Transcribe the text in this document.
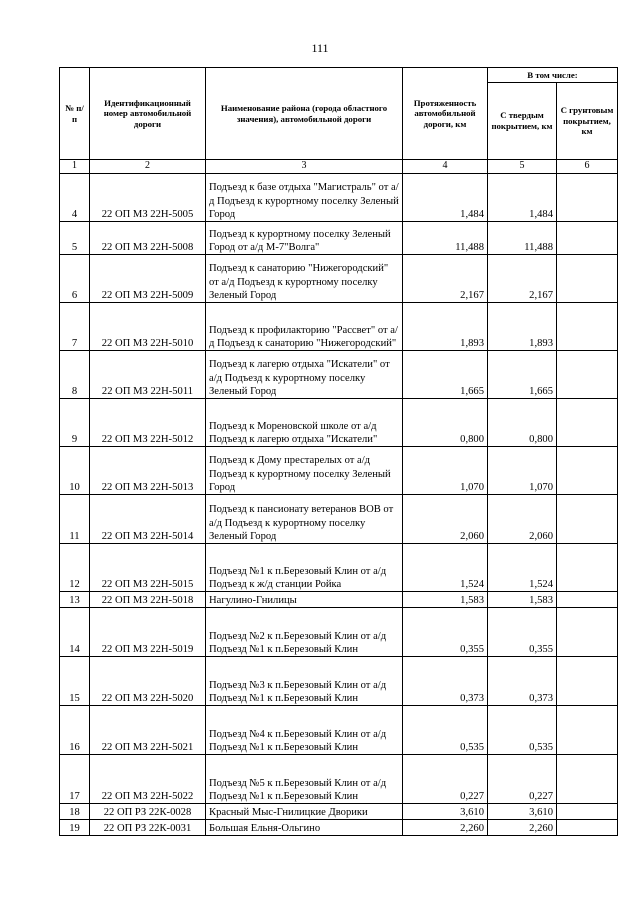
111
№ п/п	Идентификационный номер автомобильной дороги	Наименование района (города областного значения), автомобильной дороги	Протяженность автомобильной дороги, км	В том числе:	
				С твердым покрытием, км	С грунтовым покрытием, км
1	2	3	4	5	6
4	22 ОП МЗ 22Н-5005	Подъезд к базе отдыха "Магистраль" от а/д Подъезд к курортному поселку Зеленый Город	1,484	1,484	
5	22 ОП МЗ 22Н-5008	Подъезд к курортному поселку Зеленый Город от а/д М-7"Волга"	11,488	11,488	
6	22 ОП МЗ 22Н-5009	Подъезд к санаторию "Нижегородский" от а/д Подъезд к курортному поселку Зеленый Город	2,167	2,167	
7	22 ОП МЗ 22Н-5010	Подъезд к профилакторию "Рассвет" от а/д Подъезд к санаторию "Нижегородский"	1,893	1,893	
8	22 ОП МЗ 22Н-5011	Подъезд к лагерю отдыха "Искатели" от а/д Подъезд к курортному поселку Зеленый Город	1,665	1,665	
9	22 ОП МЗ 22Н-5012	Подъезд к Мореновской школе от а/д Подъезд к лагерю отдыха "Искатели"	0,800	0,800	
10	22 ОП МЗ 22Н-5013	Подъезд к Дому престарелых от а/д Подъезд к курортному поселку Зеленый Город	1,070	1,070	
11	22 ОП МЗ 22Н-5014	Подъезд к пансионату ветеранов ВОВ от а/д Подъезд к курортному поселку Зеленый Город	2,060	2,060	
12	22 ОП МЗ 22Н-5015	Подъезд №1 к п.Березовый Клин от а/д Подъезд к ж/д станции Ройка	1,524	1,524	
13	22 ОП МЗ 22Н-5018	Нагулино-Гнилицы	1,583	1,583	
14	22 ОП МЗ 22Н-5019	Подъезд №2 к п.Березовый Клин от а/д Подъезд №1 к п.Березовый Клин	0,355	0,355	
15	22 ОП МЗ 22Н-5020	Подъезд №3 к п.Березовый Клин от а/д Подъезд №1 к п.Березовый Клин	0,373	0,373	
16	22 ОП МЗ 22Н-5021	Подъезд №4 к п.Березовый Клин от а/д Подъезд №1 к п.Березовый Клин	0,535	0,535	
17	22 ОП МЗ 22Н-5022	Подъезд №5 к п.Березовый Клин от а/д Подъезд №1 к п.Березовый Клин	0,227	0,227	
18	22 ОП РЗ 22К-0028	Красный Мыс-Гнилицкие Дворики	3,610	3,610	
19	22 ОП РЗ 22К-0031	Большая Ельня-Ольгино	2,260	2,260	
